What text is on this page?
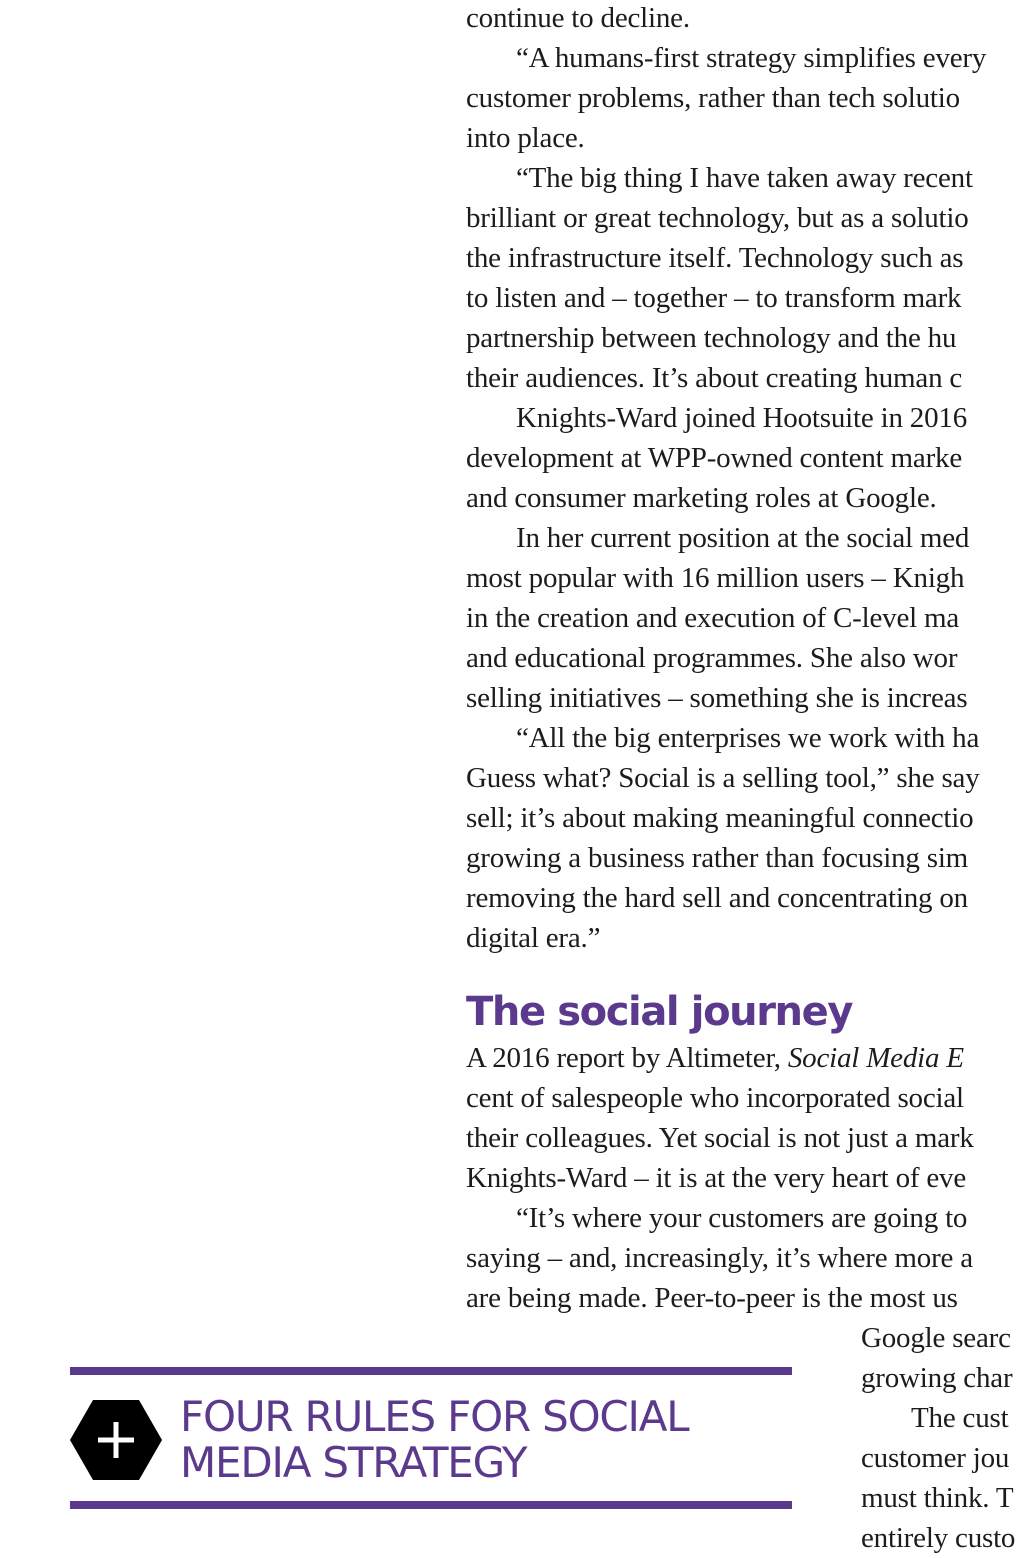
continue to decline.
“A humans-first strategy simplifies every
customer problems, rather than tech solutio
into place.
“The big thing I have taken away recent
brilliant or great technology, but as a solutio
the infrastructure itself. Technology such as
to listen and – together – to transform mark
partnership between technology and the hu
their audiences. It’s about creating human c
Knights-Ward joined Hootsuite in 2016
development at WPP-owned content marke
and consumer marketing roles at Google.
In her current position at the social med
most popular with 16 million users – Knigh
in the creation and execution of C-level ma
and educational programmes. She also wor
selling initiatives – something she is increas
“All the big enterprises we work with ha
Guess what? Social is a selling tool,” she say
sell; it’s about making meaningful connectio
growing a business rather than focusing sim
removing the hard sell and concentrating on
digital era.”
The social journey
A 2016 report by Altimeter, Social Media E
cent of salespeople who incorporated social
their colleagues. Yet social is not just a mark
Knights-Ward – it is at the very heart of eve
“It’s where your customers are going to
saying – and, increasingly, it’s where more a
are being made. Peer-to-peer is the most us
Google searc
growing char
The cust
customer jou
must think. T
entirely custo
FOUR RULES FOR SOCIAL
MEDIA STRATEGY
